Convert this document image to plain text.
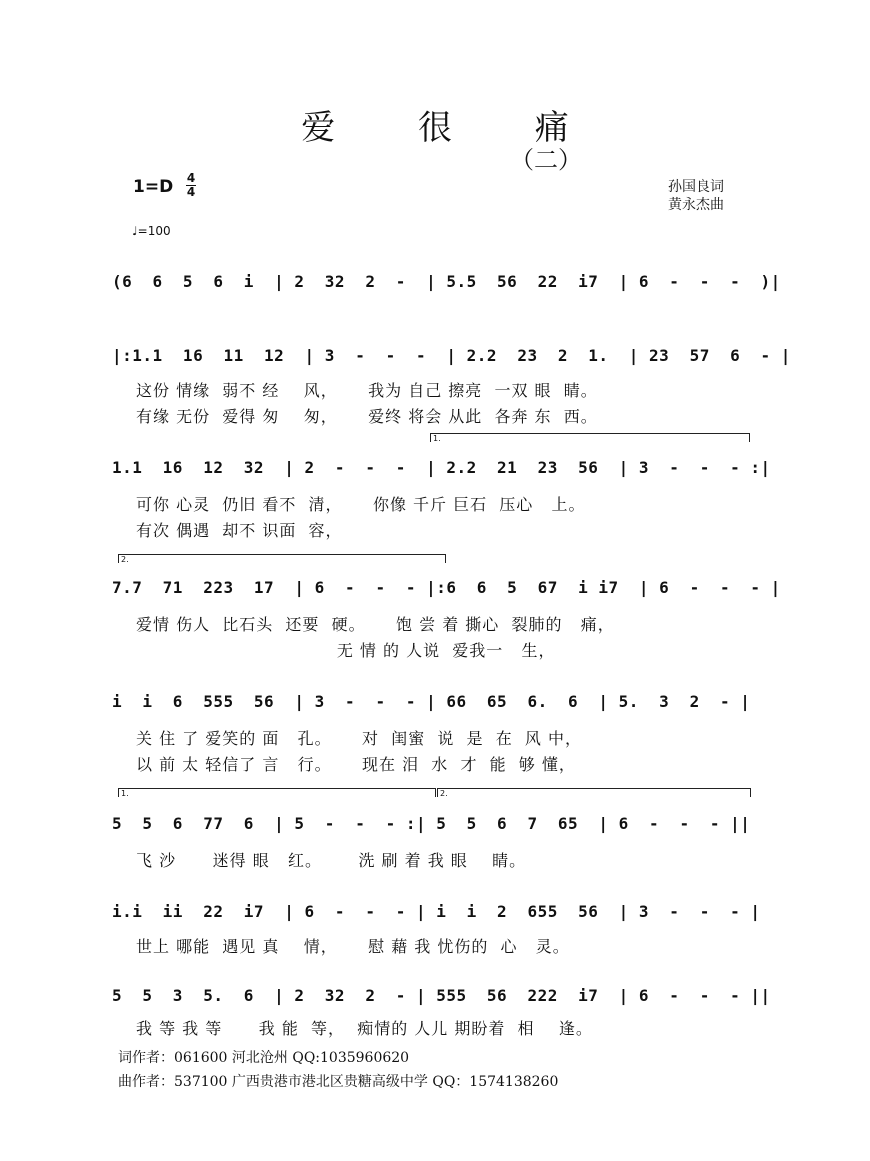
爱 很 痛
（二）
1=D 4
4
♩=100
孙国良词
黄永杰曲
(6  6  5  6  i  | 2  32  2  -  | 5.5  56  22  i7  | 6  -  -  -  )|
|:1.1  16  11  12  | 3  -  -  -  | 2.2  23  2  1.  | 23  57  6  - |
这份 情缘  弱不 经    风，     我为 自己 擦亮  一双 眼  睛。
有缘 无份  爱得 匆    匆，     爱终 将会 从此  各奔 东  西。
1.
1.1  16  12  32  | 2  -  -  -  | 2.2  21  23  56  | 3  -  -  - :|
可你 心灵  仍旧 看不  清，     你像 千斤 巨石  压心   上。
有次 偶遇  却不 识面  容，
2.
7.7  71  223  17  | 6  -  -  - |:6  6  5  67  i i7  | 6  -  -  - |
爱情 伤人  比石头  还要  硬。     饱 尝 着 撕心  裂肺的   痛，
无 情 的 人说  爱我一   生，
i  i  6  555  56  | 3  -  -  - | 66  65  6.  6  | 5.  3  2  - |
关 住 了 爱笑的 面   孔。     对  闺蜜  说  是  在  风 中，
以 前 太 轻信了 言   行。     现在 泪  水  才  能  够 懂，
1.	2.
5  5  6  77  6  | 5  -  -  - :| 5  5  6  7  65  | 6  -  -  - ||
飞 沙      迷得 眼   红。      洗 刷 着 我 眼    睛。
i.i  ii  22  i7  | 6  -  -  - | i  i  2  655  56  | 3  -  -  - |
世上 哪能  遇见 真    情，     慰 藉 我 忧伤的  心   灵。
5  5  3  5.  6  | 2  32  2  - | 555  56  222  i7  | 6  -  -  - ||
我 等 我 等      我 能  等，  痴情的 人儿 期盼着  相    逢。
词作者：061600 河北沧州 QQ:1035960620
曲作者：537100 广西贵港市港北区贵糖高级中学 QQ：1574138260
